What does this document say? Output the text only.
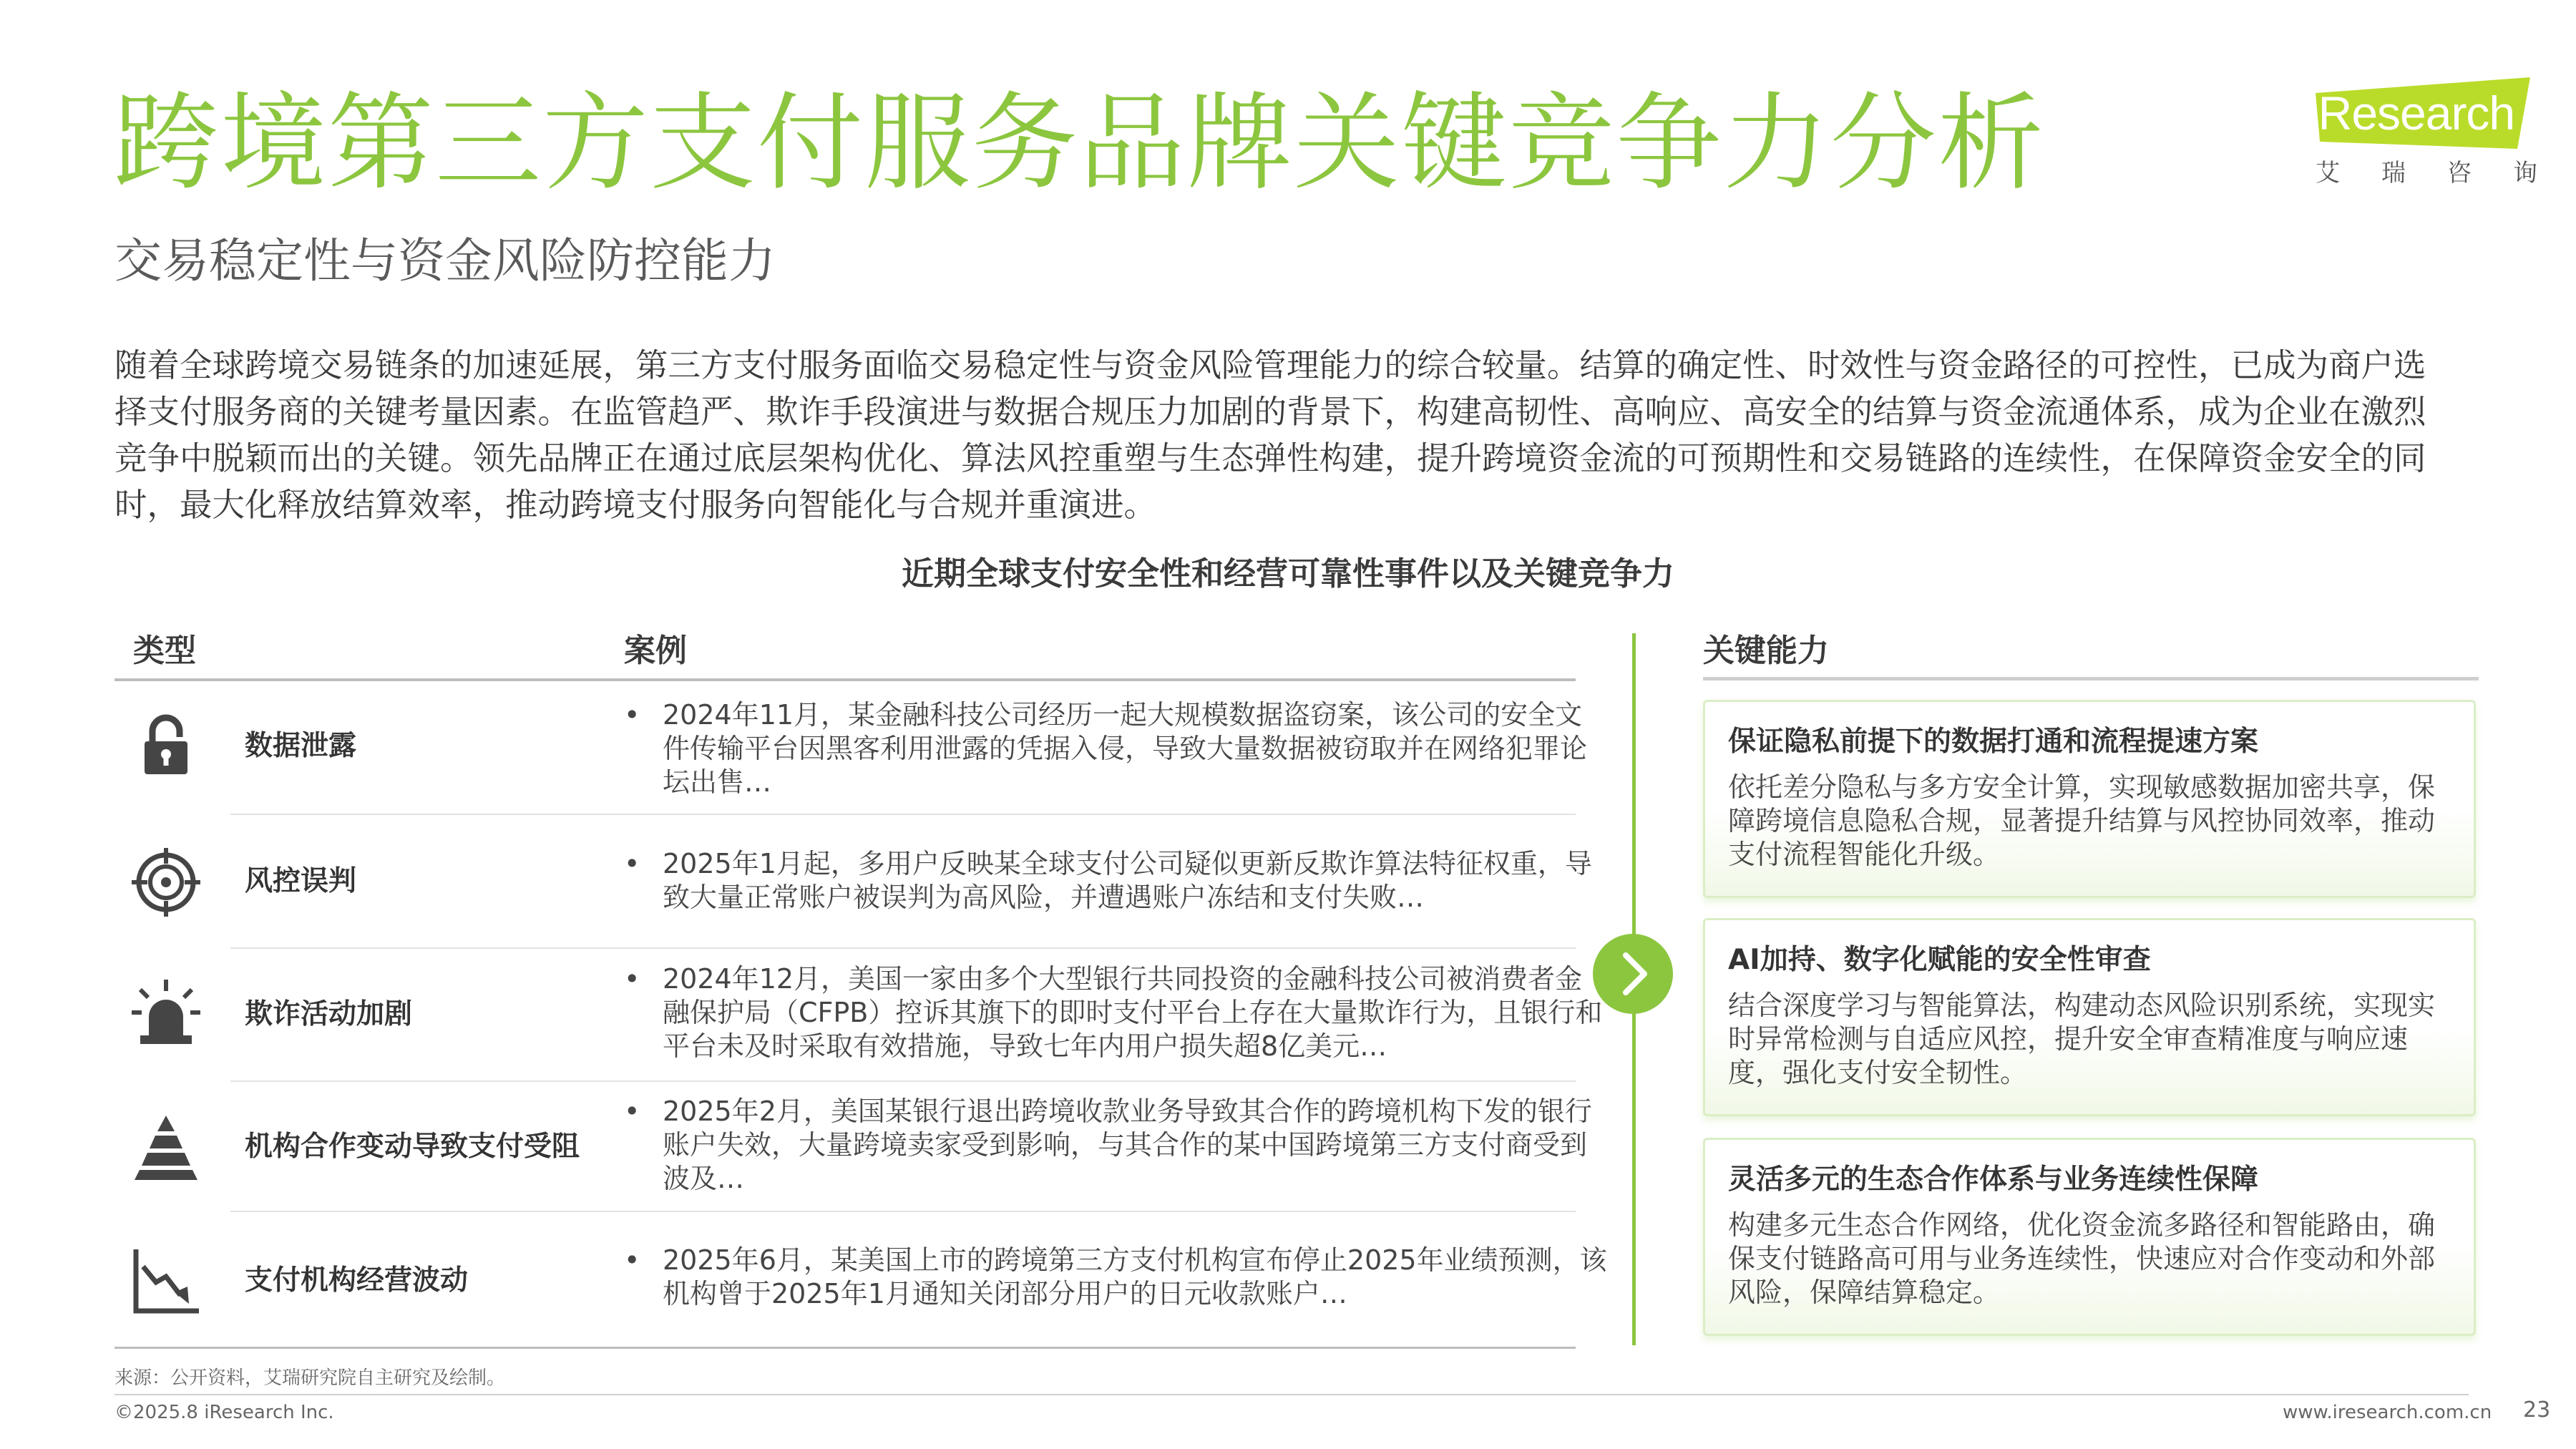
跨境第三方支付服务品牌关键竞争力分析
交易稳定性与资金风险防控能力
iResearch
艾 瑞 咨 询
随着全球跨境交易链条的加速延展，第三方支付服务面临交易稳定性与资金风险管理能力的综合较量。结算的确定性、时效性与资金路径的可控性，已成为商户选择支付服务商的关键考量因素。在监管趋严、欺诈手段演进与数据合规压力加剧的背景下，构建高韧性、高响应、高安全的结算与资金流通体系，成为企业在激烈竞争中脱颖而出的关键。领先品牌正在通过底层架构优化、算法风控重塑与生态弹性构建，提升跨境资金流的可预期性和交易链路的连续性，在保障资金安全的同时，最大化释放结算效率，推动跨境支付服务向智能化与合规并重演进。
近期全球支付安全性和经营可靠性事件以及关键竞争力
类型	案例
数据泄露
• 2024年11月，某金融科技公司经历一起大规模数据盗窃案，该公司的安全文件传输平台因黑客利用泄露的凭据入侵，导致大量数据被窃取并在网络犯罪论坛出售…
风控误判
• 2025年1月起，多用户反映某全球支付公司疑似更新反欺诈算法特征权重，导致大量正常账户被误判为高风险，并遭遇账户冻结和支付失败…
欺诈活动加剧
• 2024年12月，美国一家由多个大型银行共同投资的金融科技公司被消费者金融保护局（CFPB）控诉其旗下的即时支付平台上存在大量欺诈行为，且银行和平台未及时采取有效措施，导致七年内用户损失超8亿美元…
机构合作变动导致支付受阻
• 2025年2月，美国某银行退出跨境收款业务导致其合作的跨境机构下发的银行账户失效，大量跨境卖家受到影响，与其合作的某中国跨境第三方支付商受到波及…
支付机构经营波动
• 2025年6月，某美国上市的跨境第三方支付机构宣布停止2025年业绩预测，该机构曾于2025年1月通知关闭部分用户的日元收款账户…
关键能力
保证隐私前提下的数据打通和流程提速方案
依托差分隐私与多方安全计算，实现敏感数据加密共享，保障跨境信息隐私合规，显著提升结算与风控协同效率，推动支付流程智能化升级。
AI加持、数字化赋能的安全性审查
结合深度学习与智能算法，构建动态风险识别系统，实现实时异常检测与自适应风控，提升安全审查精准度与响应速度，强化支付安全韧性。
灵活多元的生态合作体系与业务连续性保障
构建多元生态合作网络，优化资金流多路径和智能路由，确保支付链路高可用与业务连续性，快速应对合作变动和外部风险，保障结算稳定。
来源：公开资料，艾瑞研究院自主研究及绘制。
©2025.8 iResearch Inc.	www.iresearch.com.cn 23
